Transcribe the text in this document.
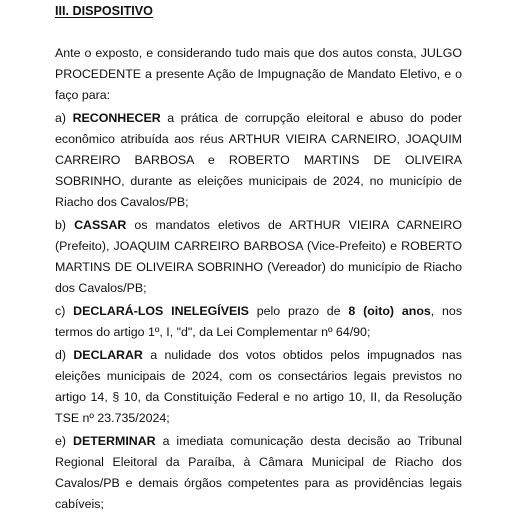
III. DISPOSITIVO

Ante o exposto, e considerando tudo mais que dos autos consta, JULGO PROCEDENTE a presente Ação de Impugnação de Mandato Eletivo, e o faço para:

a) RECONHECER a prática de corrupção eleitoral e abuso do poder econômico atribuída aos réus ARTHUR VIEIRA CARNEIRO, JOAQUIM CARREIRO BARBOSA e ROBERTO MARTINS DE OLIVEIRA SOBRINHO, durante as eleições municipais de 2024, no município de Riacho dos Cavalos/PB;

b) CASSAR os mandatos eletivos de ARTHUR VIEIRA CARNEIRO (Prefeito), JOAQUIM CARREIRO BARBOSA (Vice-Prefeito) e ROBERTO MARTINS DE OLIVEIRA SOBRINHO (Vereador) do município de Riacho dos Cavalos/PB;

c) DECLARÁ-LOS INELEGÍVEIS pelo prazo de 8 (oito) anos, nos termos do artigo 1º, I, "d", da Lei Complementar nº 64/90;

d) DECLARAR a nulidade dos votos obtidos pelos impugnados nas eleições municipais de 2024, com os consectários legais previstos no artigo 14, § 10, da Constituição Federal e no artigo 10, II, da Resolução TSE nº 23.735/2024;

e) DETERMINAR a imediata comunicação desta decisão ao Tribunal Regional Eleitoral da Paraíba, à Câmara Municipal de Riacho dos Cavalos/PB e demais órgãos competentes para as providências legais cabíveis;
